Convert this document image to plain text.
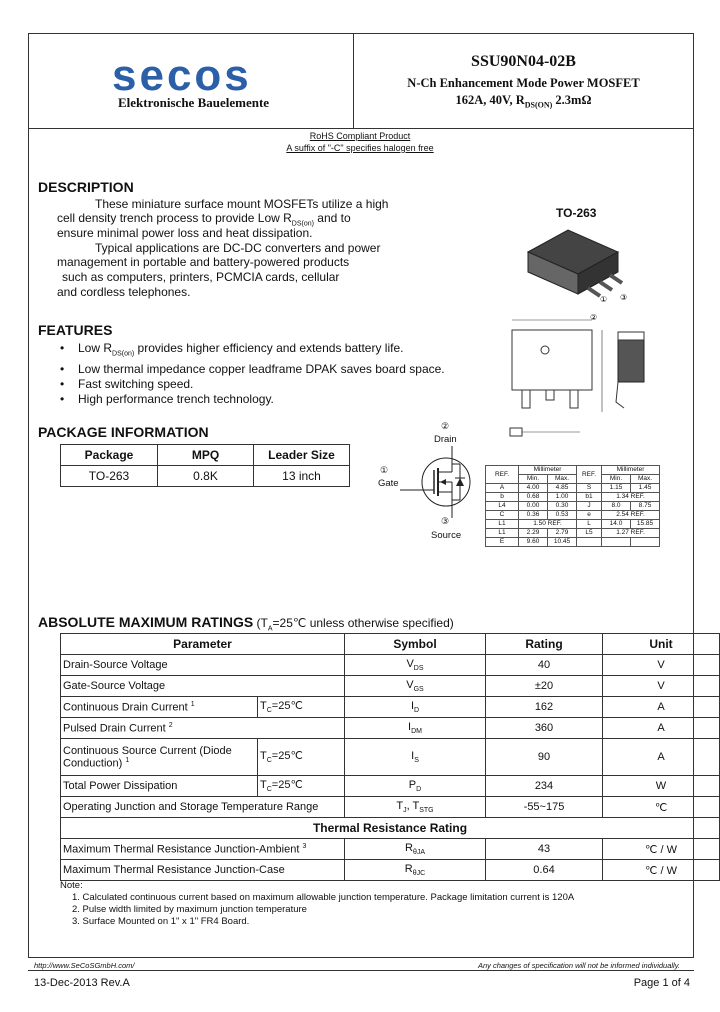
secos
Elektronische Bauelemente
SSU90N04-02B
N-Ch Enhancement Mode Power MOSFET
162A, 40V, $R_{DS(ON)}$ 2.3mΩ
RoHS Compliant Product
A suffix of "-C" specifies halogen free
DESCRIPTION
These miniature surface mount MOSFETs utilize a high
cell density trench process to provide Low $R_{DS(on)}$ and to
ensure minimal power loss and heat dissipation.
Typical applications are DC-DC converters and power
management in portable and battery-powered products
such as computers, printers, PCMCIA cards, cellular
and cordless telephones.
FEATURES
• Low $R_{DS(on)}$ provides higher efficiency and extends battery life.
• Low thermal impedance copper leadframe DPAK saves board space.
• Fast switching speed.
• High performance trench technology.
PACKAGE INFORMATION
Package	MPQ	Leader Size
TO-263	0.8K	13 inch
TO-263
① ③
②
②
Drain
①
Gate
③
Source
REF.	Millimeter		REF.	Millimeter	
	Min.	Max.		Min.	Max.
A	4.00	4.85	S	1.15	1.45
b	0.68	1.00	b1	1.34 REF.	
L4	0.00	0.30	J	8.0	8.75
C	0.36	0.53	e	2.54 REF.	
L1	1.50 REF.		L	14.0	15.85
L1	2.29	2.79	L5	1.27 REF.	
E	9.60	10.45			
ABSOLUTE MAXIMUM RATINGS ($T_A=25℃$ unless otherwise specified)
Parameter		Symbol	Rating	Unit
Drain-Source Voltage		$V_{DS}$	40	V
Gate-Source Voltage		$V_{GS}$	±20	V
Continuous Drain Current $^1$	$T_C=25℃$	$I_D$	162	A
Pulsed Drain Current $^2$		$I_{DM}$	360	A
Continuous Source Current (Diode Conduction) $^1$	$T_C=25℃$	$I_S$	90	A
Total Power Dissipation	$T_C=25℃$	$P_D$	234	W
Operating Junction and Storage Temperature Range		$T_J$, $T_{STG}$	-55~175	℃
Thermal Resistance Rating				
Maximum Thermal Resistance Junction-Ambient $^3$		$R_{\theta JA}$	43	℃ / W
Maximum Thermal Resistance Junction-Case		$R_{\theta JC}$	0.64	℃ / W
Note:
1. Calculated continuous current based on maximum allowable junction temperature. Package limitation current is 120A
2. Pulse width limited by maximum junction temperature
3. Surface Mounted on 1" x 1" FR4 Board.
http://www.SeCoSGmbH.com/	Any changes of specification will not be informed individually.
13-Dec-2013 Rev.A	Page 1 of 4
